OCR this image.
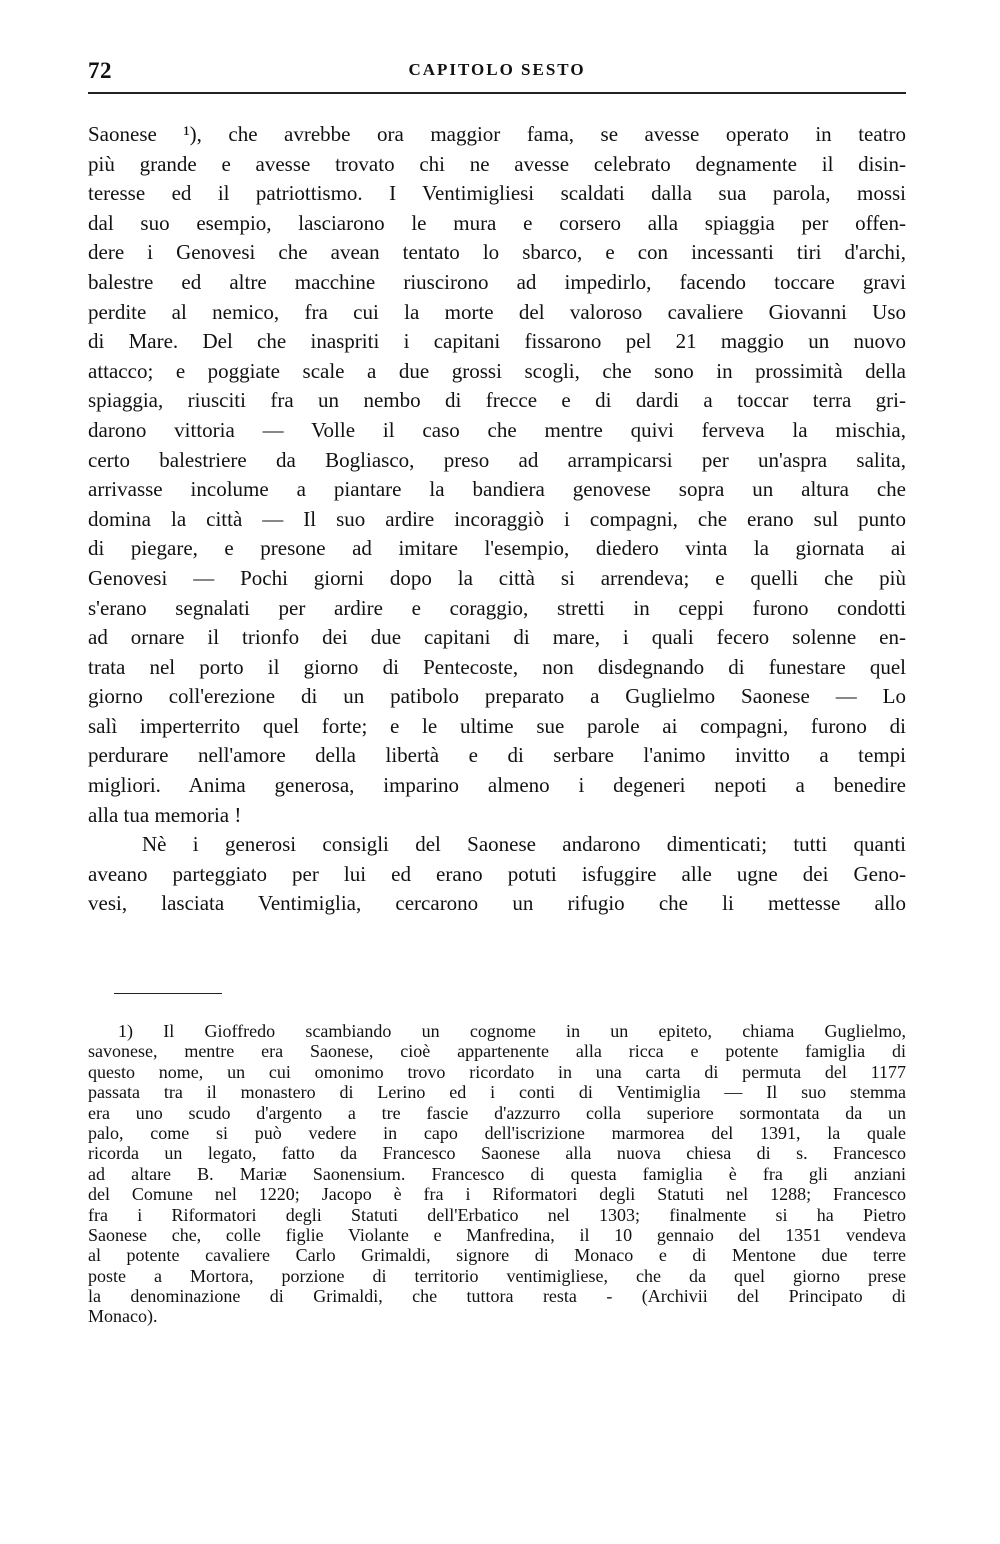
72	CAPITOLO SESTO
Saonese ¹), che avrebbe ora maggior fama, se avesse operato in teatro
più grande e avesse trovato chi ne avesse celebrato degnamente il disin-
teresse ed il patriottismo. I Ventimigliesi scaldati dalla sua parola, mossi
dal suo esempio, lasciarono le mura e corsero alla spiaggia per offen-
dere i Genovesi che avean tentato lo sbarco, e con incessanti tiri d'archi,
balestre ed altre macchine riuscirono ad impedirlo, facendo toccare gravi
perdite al nemico, fra cui la morte del valoroso cavaliere Giovanni Uso
di Mare. Del che inaspriti i capitani fissarono pel 21 maggio un nuovo
attacco; e poggiate scale a due grossi scogli, che sono in prossimità della
spiaggia, riusciti fra un nembo di frecce e di dardi a toccar terra gri-
darono vittoria — Volle il caso che mentre quivi ferveva la mischia,
certo balestriere da Bogliasco, preso ad arrampicarsi per un'aspra salita,
arrivasse incolume a piantare la bandiera genovese sopra un altura che
domina la città — Il suo ardire incoraggiò i compagni, che erano sul punto
di piegare, e presone ad imitare l'esempio, diedero vinta la giornata ai
Genovesi — Pochi giorni dopo la città si arrendeva; e quelli che più
s'erano segnalati per ardire e coraggio, stretti in ceppi furono condotti
ad ornare il trionfo dei due capitani di mare, i quali fecero solenne en-
trata nel porto il giorno di Pentecoste, non disdegnando di funestare quel
giorno coll'erezione di un patibolo preparato a Guglielmo Saonese — Lo
salì imperterrito quel forte; e le ultime sue parole ai compagni, furono di
perdurare nell'amore della libertà e di serbare l'animo invitto a tempi
migliori. Anima generosa, imparino almeno i degeneri nepoti a benedire
alla tua memoria !
Nè i generosi consigli del Saonese andarono dimenticati; tutti quanti
aveano parteggiato per lui ed erano potuti isfuggire alle ugne dei Geno-
vesi, lasciata Ventimiglia, cercarono un rifugio che li mettesse allo
1) Il Gioffredo scambiando un cognome in un epiteto, chiama Guglielmo,
savonese, mentre era Saonese, cioè appartenente alla ricca e potente famiglia di
questo nome, un cui omonimo trovo ricordato in una carta di permuta del 1177
passata tra il monastero di Lerino ed i conti di Ventimiglia — Il suo stemma
era uno scudo d'argento a tre fascie d'azzurro colla superiore sormontata da un
palo, come si può vedere in capo dell'iscrizione marmorea del 1391, la quale
ricorda un legato, fatto da Francesco Saonese alla nuova chiesa di s. Francesco
ad altare B. Mariæ Saonensium. Francesco di questa famiglia è fra gli anziani
del Comune nel 1220; Jacopo è fra i Riformatori degli Statuti nel 1288; Francesco
fra i Riformatori degli Statuti dell'Erbatico nel 1303; finalmente si ha Pietro
Saonese che, colle figlie Violante e Manfredina, il 10 gennaio del 1351 vendeva
al potente cavaliere Carlo Grimaldi, signore di Monaco e di Mentone due terre
poste a Mortora, porzione di territorio ventimigliese, che da quel giorno prese
la denominazione di Grimaldi, che tuttora resta - (Archivii del Principato di
Monaco).
